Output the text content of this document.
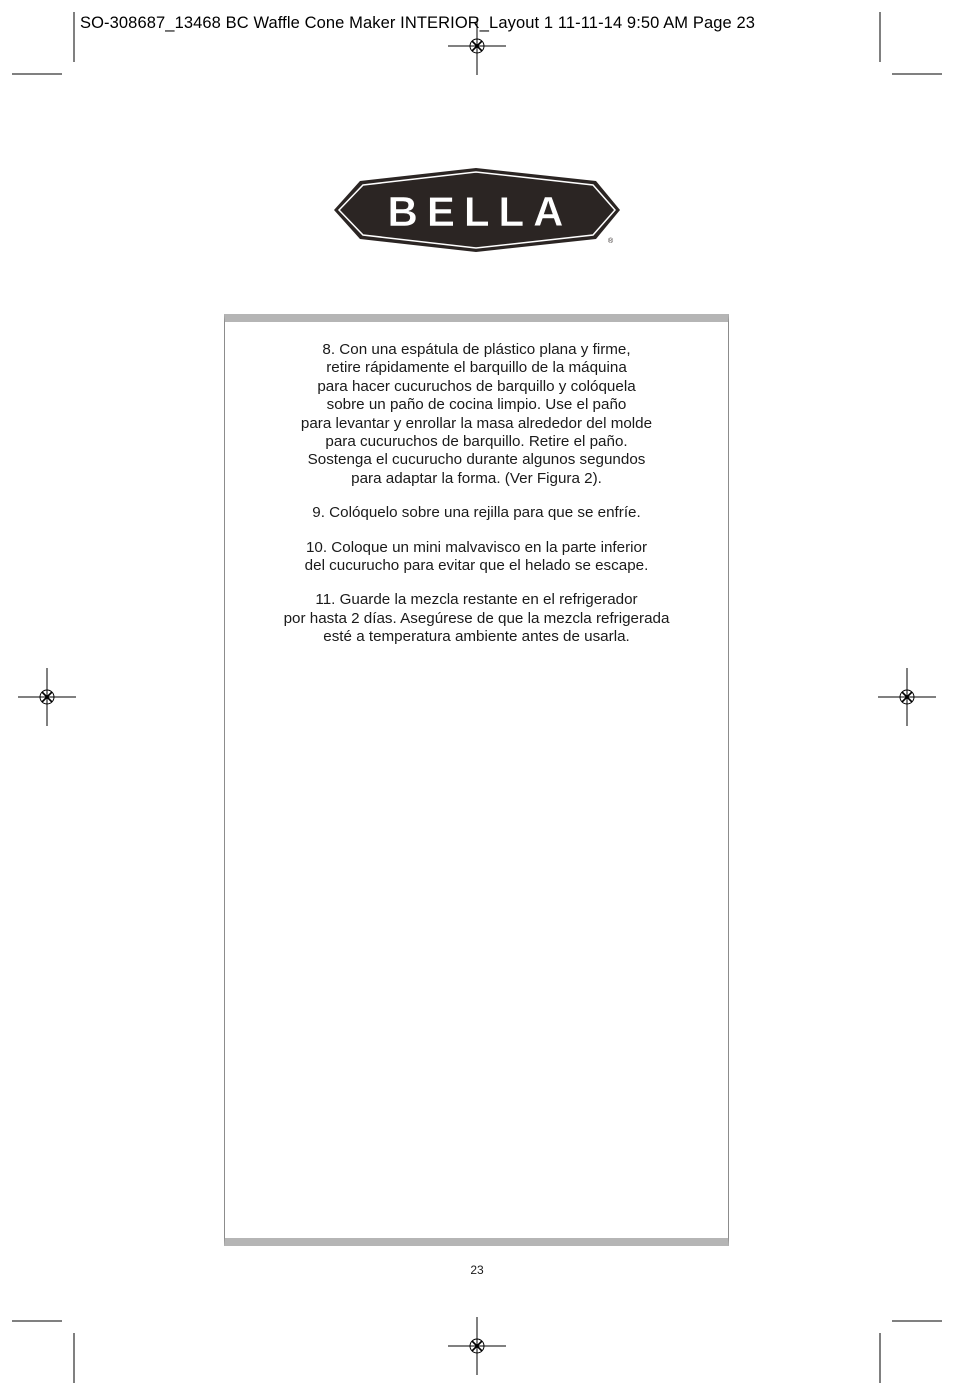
SO-308687_13468 BC Waffle Cone Maker INTERIOR_Layout 1 11-11-14 9:50 AM Page 23
BELLA
®
8. Con una espátula de plástico plana y firme,
retire rápidamente el barquillo de la máquina
para hacer cucuruchos de barquillo y colóquela
sobre un paño de cocina limpio. Use el paño
para levantar y enrollar la masa alrededor del molde
para cucuruchos de barquillo. Retire el paño.
Sostenga el cucurucho durante algunos segundos
para adaptar la forma. (Ver Figura 2).
9. Colóquelo sobre una rejilla para que se enfríe.
10. Coloque un mini malvavisco en la parte inferior
del cucurucho para evitar que el helado se escape.
11. Guarde la mezcla restante en el refrigerador
por hasta 2 días. Asegúrese de que la mezcla refrigerada
esté a temperatura ambiente antes de usarla.
23
